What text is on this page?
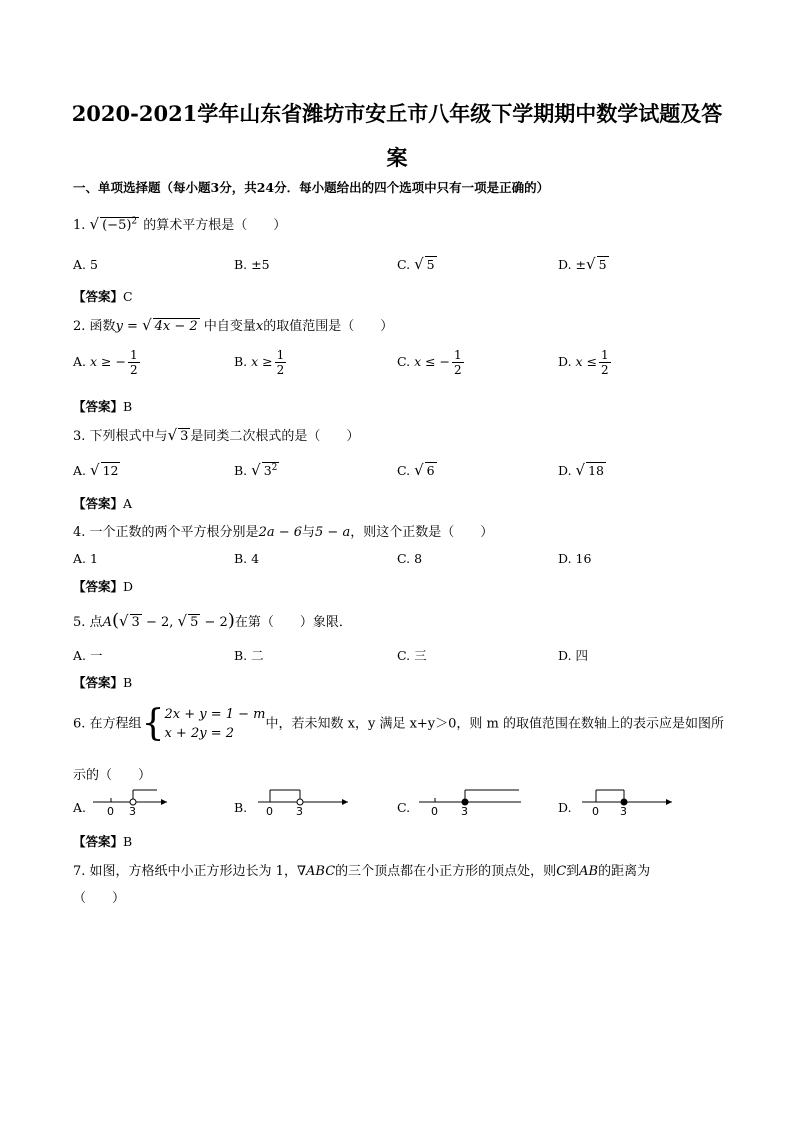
2020-2021学年山东省潍坊市安丘市八年级下学期期中数学试题及答
案
一、单项选择题（每小题3分，共24分．每小题给出的四个选项中只有一项是正确的）
1. √ $(-5)^2$ 的算术平方根是（　　）
A. 5	B. ±5	C. √ 5	D. ±√ 5
【答案】C
2. 函数y = √ 4x − 2 中自变量x的取值范围是（　　）
A. x ≥ − $\frac{1}{2}$	B. $x \ge \frac{1}{2}$	C. x ≤ − $\frac{1}{2}$	D. $x \le \frac{1}{2}$
【答案】B
3. 下列根式中与√ 3 是同类二次根式的是（　　）
A. √ 12	B. √ $3^2$	C. √ 6	D. √ 18
【答案】A
4. 一个正数的两个平方根分别是2a − 6与5 − a，则这个正数是（　　）
A. 1	B. 4	C. 8	D. 16
【答案】D
5. 点A(√ 3 − 2, √ 5 − 2)在第（　　）象限．
A. 一	B. 二	C. 三	D. 四
【答案】B
6. 在方程组{ 2x + y = 1 − m
x + 2y = 2
中，若未知数 x，y 满足 x+y＞0，则 m 的取值范围在数轴上的表示应是如图所
示的（　　）
A. 0 3	B. 0 3	C. 0 3	D. 0 3
【答案】B
7. 如图，方格纸中小正方形边长为 1，∇ABC的三个顶点都在小正方形的顶点处，则C到AB的距离为
（　　）
